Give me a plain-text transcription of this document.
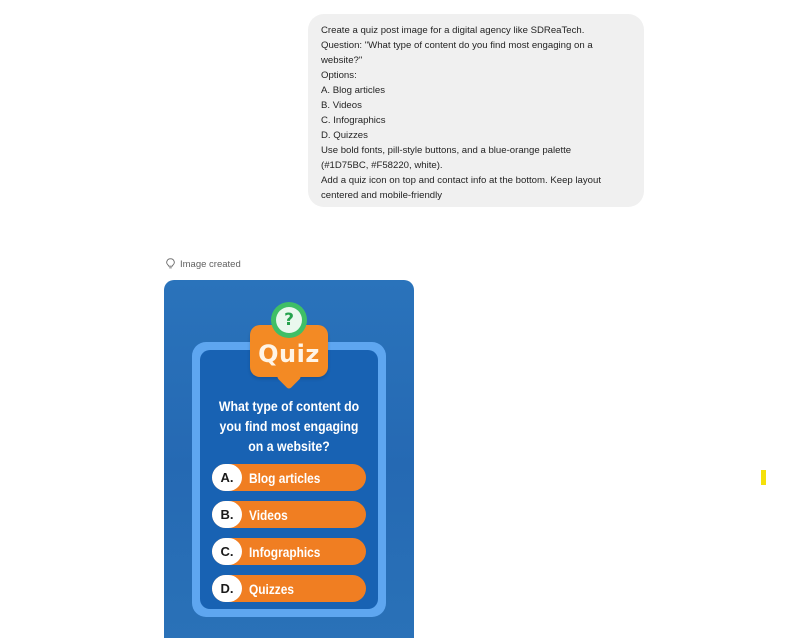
Create a quiz post image for a digital agency like SDReaTech.
Question: "What type of content do you find most engaging on a
website?"
Options:
A. Blog articles
B. Videos
C. Infographics
D. Quizzes
Use bold fonts, pill-style buttons, and a blue-orange palette
(#1D75BC, #F58220, white).
Add a quiz icon on top and contact info at the bottom. Keep layout
centered and mobile-friendly
Image created
Quiz
?
What type of content do you find most engaging on a website?
A.	Blog articles
B.	Videos
C.	Infographics
D.	Quizzes
